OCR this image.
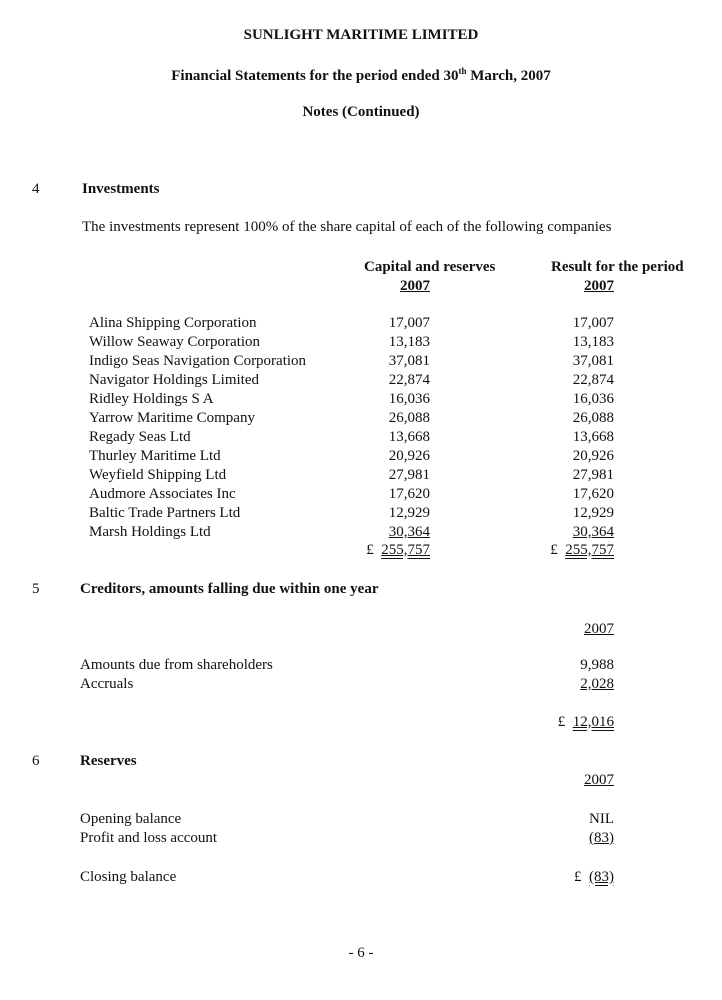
SUNLIGHT MARITIME LIMITED
Financial Statements for the period ended 30th March, 2007
Notes (Continued)
4	Investments
The investments represent 100% of the share capital of each of the following companies
Capital and reserves	Result for the period
2007	2007
Alina Shipping Corporation	17,007	17,007
Willow Seaway Corporation	13,183	13,183
Indigo Seas Navigation Corporation	37,081	37,081
Navigator Holdings Limited	22,874	22,874
Ridley Holdings S A	16,036	16,036
Yarrow Maritime Company	26,088	26,088
Regady Seas Ltd	13,668	13,668
Thurley Maritime Ltd	20,926	20,926
Weyfield Shipping Ltd	27,981	27,981
Audmore Associates Inc	17,620	17,620
Baltic Trade Partners Ltd	12,929	12,929
Marsh Holdings Ltd	30,364	30,364
£ 255,757	£ 255,757
5	Creditors, amounts falling due within one year
2007
Amounts due from shareholders	9,988
Accruals	2,028
£ 12,016
6	Reserves
2007
Opening balance	NIL
Profit and loss account	(83)
Closing balance	£ (83)
- 6 -
